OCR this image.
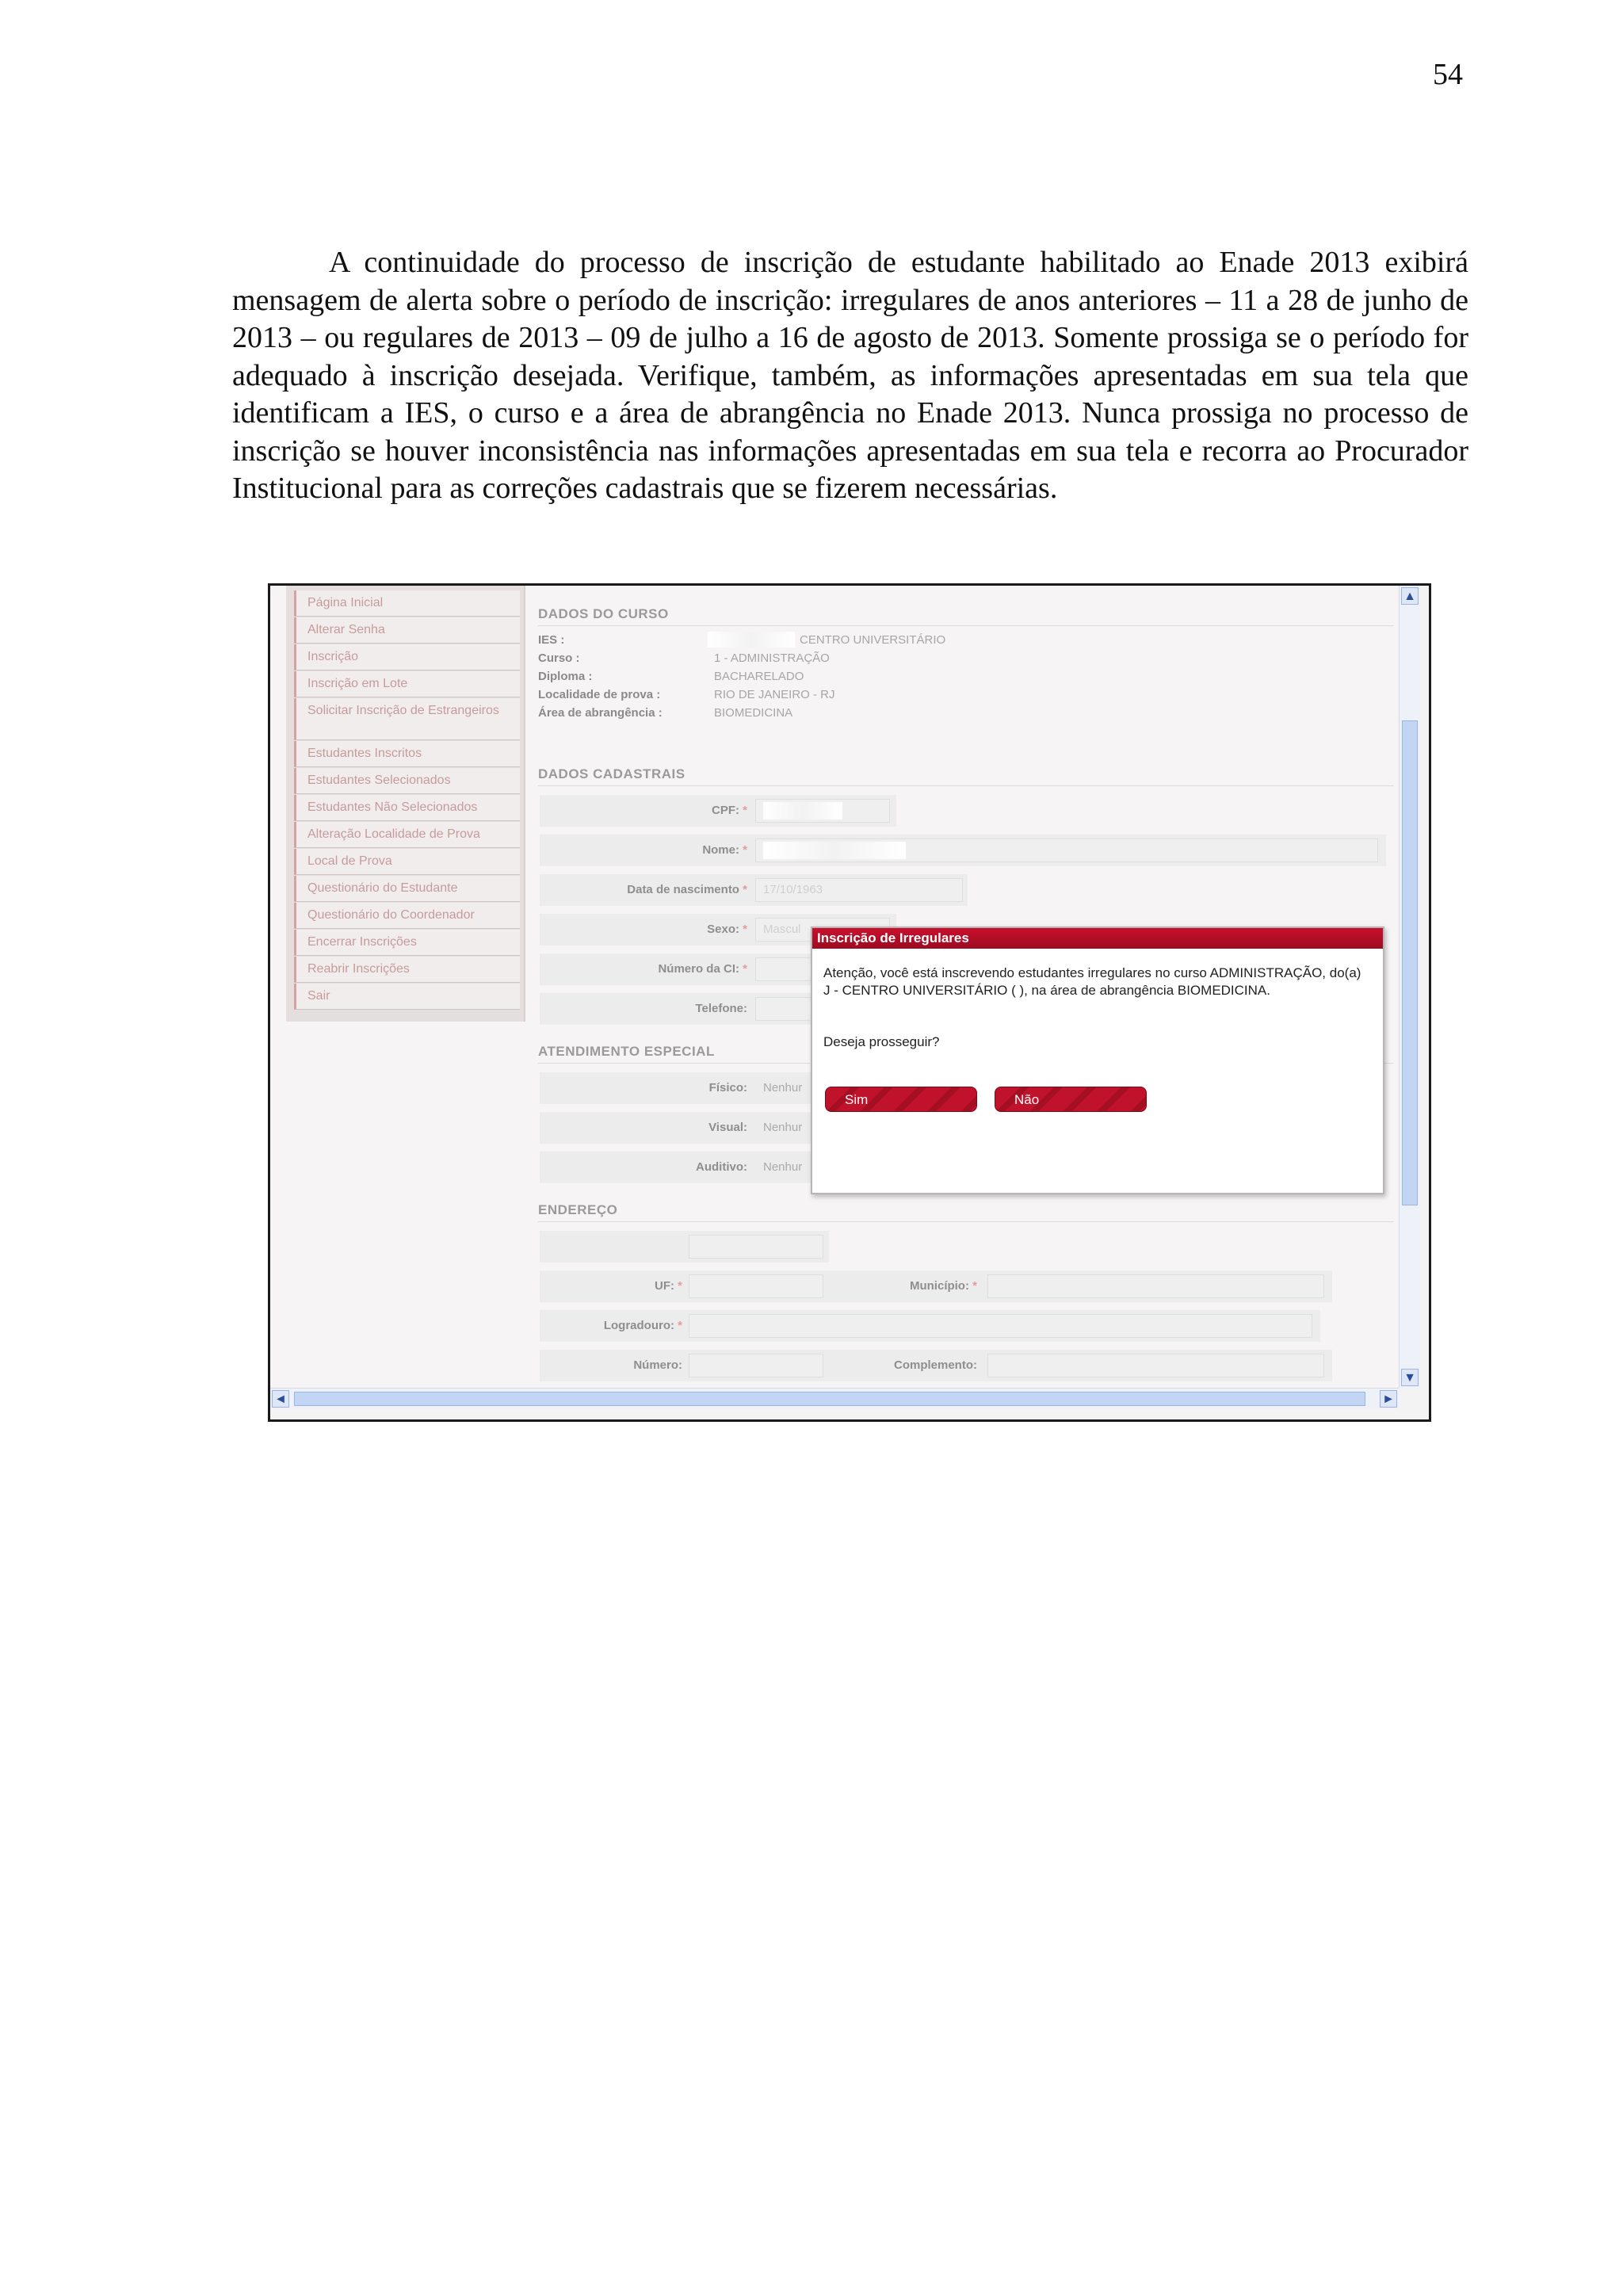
54

A continuidade do processo de inscrição de estudante habilitado ao Enade 2013 exibirá mensagem de alerta sobre o período de inscrição: irregulares de anos anteriores – 11 a 28 de junho de 2013 – ou regulares de 2013 – 09 de julho a 16 de agosto de 2013. Somente prossiga se o período for adequado à inscrição desejada. Verifique, também, as informações apresentadas em sua tela que identificam a IES, o curso e a área de abrangência no Enade 2013. Nunca prossiga no processo de inscrição se houver inconsistência nas informações apresentadas em sua tela e recorra ao Procurador Institucional para as correções cadastrais que se fizerem necessárias.

Página Inicial
Alterar Senha
Inscrição
Inscrição em Lote
Solicitar Inscrição de Estrangeiros
Estudantes Inscritos
Estudantes Selecionados
Estudantes Não Selecionados
Alteração Localidade de Prova
Local de Prova
Questionário do Estudante
Questionário do Coordenador
Encerrar Inscrições
Reabrir Inscrições
Sair
DADOS DO CURSO
IES :	CENTRO UNIVERSITÁRIO
Curso :	1 - ADMINISTRAÇÃO
Diploma :	BACHARELADO
Localidade de prova :	RIO DE JANEIRO - RJ
Área de abrangência :	BIOMEDICINA
DADOS CADASTRAIS
CPF: *
Nome: *
Data de nascimento *	17/10/1963
Sexo: *	Mascul
Número da CI: *
Telefone:
ATENDIMENTO ESPECIAL
Físico:	Nenhur
Visual:	Nenhur
Auditivo:	Nenhur
ENDEREÇO
UF: *	Município: *
Logradouro: *
Número:	Complemento:
Inscrição de Irregulares
Atenção, você está inscrevendo estudantes irregulares no curso ADMINISTRAÇÃO, do(a) J - CENTRO UNIVERSITÁRIO ( ), na área de abrangência BIOMEDICINA.
Deseja prosseguir?
Sim	Não
▲
▼
◄	►
